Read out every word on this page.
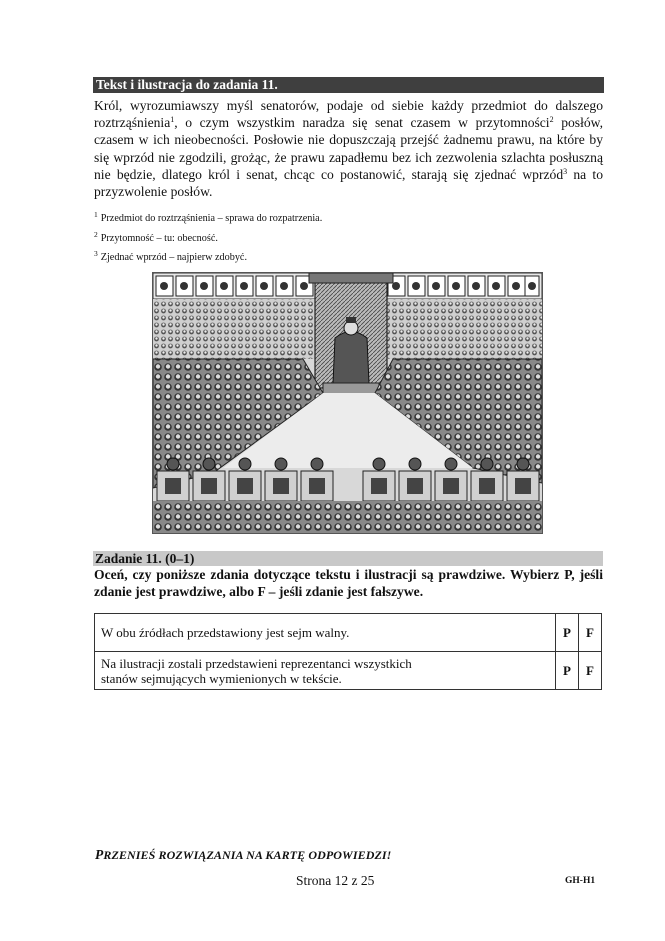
Tekst i ilustracja do zadania 11.
Król, wyrozumiawszy myśl senatorów, podaje od siebie każdy przedmiot do dalszego roztrząśnienia$^1$, o czym wszystkim naradza się senat czasem w przytomności$^2$ posłów, czasem w ich nieobecności. Posłowie nie dopuszczają przejść żadnemu prawu, na które by się wprzód nie zgodzili, grożąc, że prawu zapadłemu bez ich zezwolenia szlachta posłuszną nie będzie, dlatego król i senat, chcąc co postanowić, starają się zjednać wprzód$^3$ na to przyzwolenie posłów.
$^1$ Przedmiot do roztrząśnienia – sprawa do rozpatrzenia.
$^2$ Przytomność – tu: obecność.
$^3$ Zjednać wprzód – najpierw zdobyć.
Zadanie 11. (0–1)
Oceń, czy poniższe zdania dotyczące tekstu i ilustracji są prawdziwe. Wybierz P, jeśli zdanie jest prawdziwe, albo F – jeśli zdanie jest fałszywe.
W obu źródłach przedstawiony jest sejm walny.	P	F
Na ilustracji zostali przedstawieni reprezentanci wszystkich stanów sejmujących wymienionych w tekście.	P	F
PRZENIEŚ ROZWIĄZANIA NA KARTĘ ODPOWIEDZI!
Strona 12 z 25	GH-H1
